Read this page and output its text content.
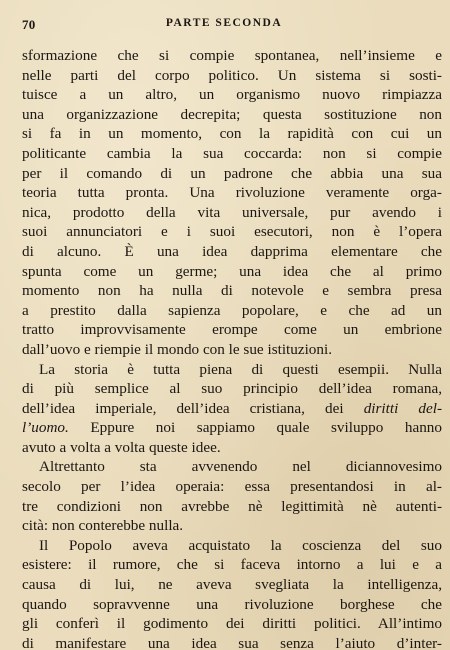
70	PARTE SECONDA
sformazione che si compie spontanea, nell’insieme e
nelle parti del corpo politico. Un sistema si sosti-
tuisce a un altro, un organismo nuovo rimpiazza
una organizzazione decrepita; questa sostituzione non
si fa in un momento, con la rapidità con cui un
politicante cambia la sua coccarda: non si compie
per il comando di un padrone che abbia una sua
teoria tutta pronta. Una rivoluzione veramente orga-
nica, prodotto della vita universale, pur avendo i
suoi annunciatori e i suoi esecutori, non è l’opera
di alcuno. È una idea dapprima elementare che
spunta come un germe; una idea che al primo
momento non ha nulla di notevole e sembra presa
a prestito dalla sapienza popolare, e che ad un
tratto improvvisamente erompe come un embrione
dall’uovo e riempie il mondo con le sue istituzioni.
La storia è tutta piena di questi esempii. Nulla
di più semplice al suo principio dell’idea romana,
dell’idea imperiale, dell’idea cristiana, dei diritti del-
l’uomo. Eppure noi sappiamo quale sviluppo hanno
avuto a volta a volta queste idee.
Altrettanto sta avvenendo nel diciannovesimo
secolo per l’idea operaia: essa presentandosi in al-
tre condizioni non avrebbe nè legittimità nè autenti-
cità: non conterebbe nulla.
Il Popolo aveva acquistato la coscienza del suo
esistere: il rumore, che si faceva intorno a lui e a
causa di lui, ne aveva svegliata la intelligenza,
quando sopravvenne una rivoluzione borghese che
gli conferì il godimento dei diritti politici. All’intimo
di manifestare una idea sua senza l’aiuto d’inter-
